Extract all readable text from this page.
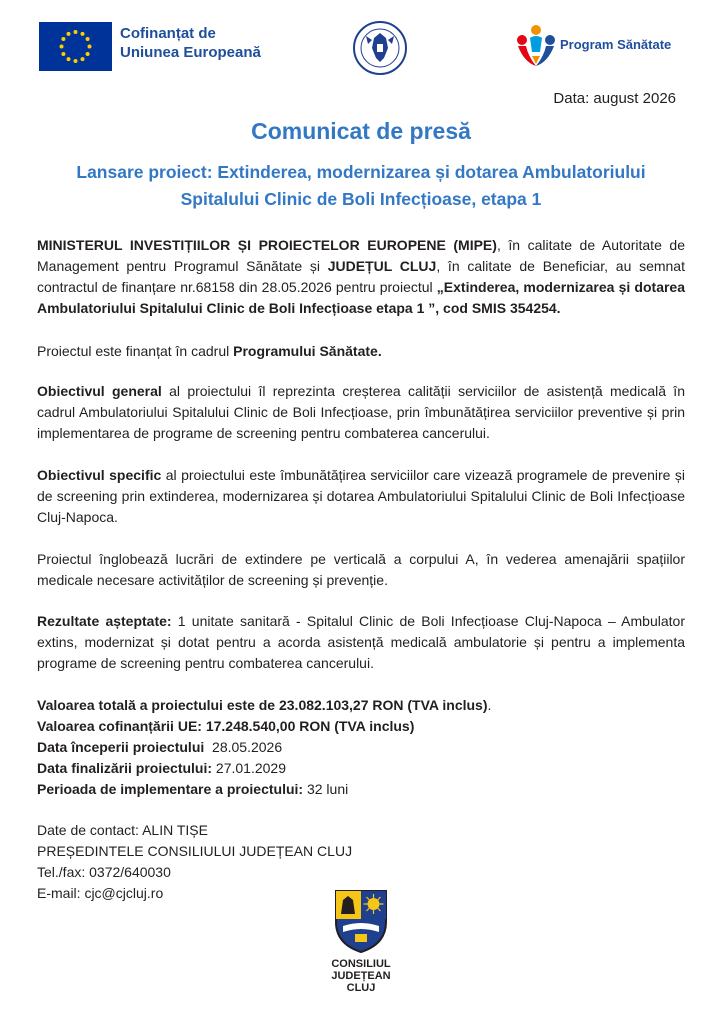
Cofinanțat de
Uniunea Europeană	Program Sănătate
Data: august 2026
Comunicat de presă
Lansare proiect: Extinderea, modernizarea și dotarea Ambulatoriului
Spitalului Clinic de Boli Infecțioase, etapa 1
MINISTERUL INVESTIȚIILOR ȘI PROIECTELOR EUROPENE (MIPE), în calitate de Autoritate de Management pentru Programul Sănătate și JUDEȚUL CLUJ, în calitate de Beneficiar, au semnat contractul de finanțare nr.68158 din 28.05.2026 pentru proiectul „Extinderea, modernizarea și dotarea Ambulatoriului Spitalului Clinic de Boli Infecțioase etapa 1 ”, cod SMIS 354254.
Proiectul este finanțat în cadrul Programului Sănătate.
Obiectivul general al proiectului îl reprezinta creșterea calității serviciilor de asistență medicală în cadrul Ambulatoriului Spitalului Clinic de Boli Infecțioase, prin îmbunătățirea serviciilor preventive și prin implementarea de programe de screening pentru combaterea cancerului.
Obiectivul specific al proiectului este îmbunătățirea serviciilor care vizează programele de prevenire și de screening prin extinderea, modernizarea și dotarea Ambulatoriului Spitalului Clinic de Boli Infecțioase Cluj-Napoca.
Proiectul înglobează lucrări de extindere pe verticală a corpului A, în vederea amenajării spațiilor medicale necesare activităților de screening și prevenție.
Rezultate așteptate: 1 unitate sanitară - Spitalul Clinic de Boli Infecțioase Cluj-Napoca – Ambulator extins, modernizat și dotat pentru a acorda asistență medicală ambulatorie și pentru a implementa programe de screening pentru combaterea cancerului.
Valoarea totală a proiectului este de 23.082.103,27 RON (TVA inclus).
Valoarea cofinanțării UE: 17.248.540,00 RON (TVA inclus)
Data începerii proiectului  28.05.2026
Data finalizării proiectului: 27.01.2029
Perioada de implementare a proiectului: 32 luni
Date de contact: ALIN TIȘE
PREȘEDINTELE CONSILIULUI JUDEȚEAN CLUJ
Tel./fax: 0372/640030
E-mail: cjc@cjcluj.ro
CONSILIUL
JUDEȚEAN
CLUJ
